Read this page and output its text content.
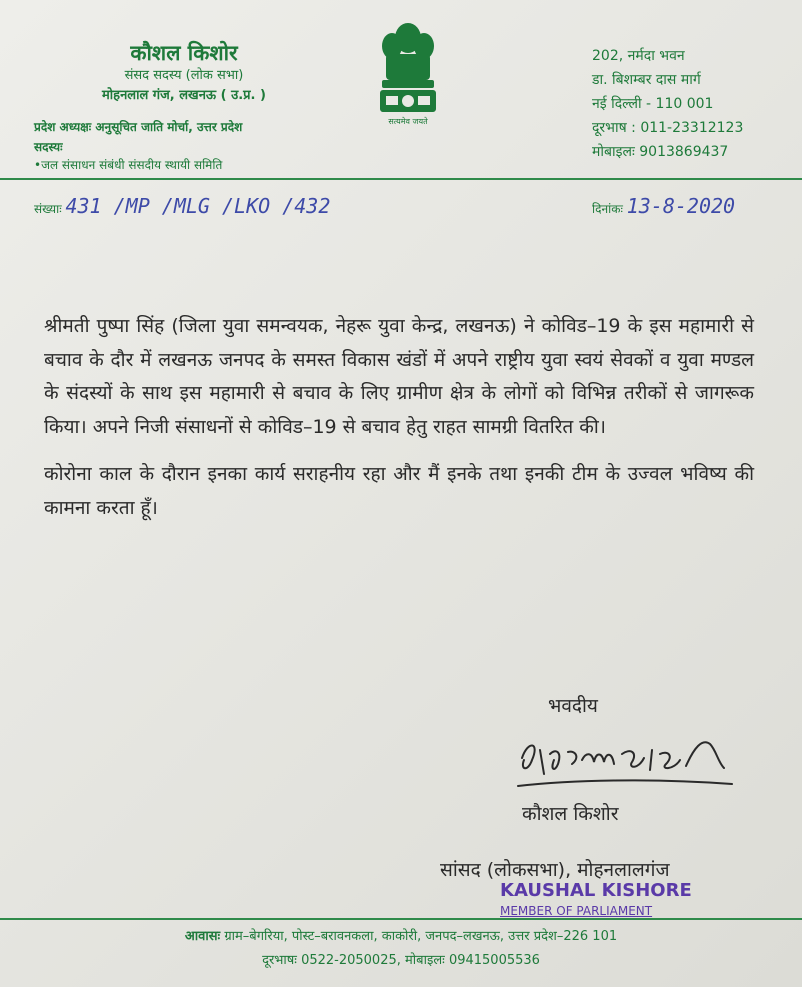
कौशल किशोर
संसद सदस्य (लोक सभा)
मोहनलाल गंज, लखनऊ ( उ.प्र. )
प्रदेश अध्यक्षः अनुसूचित जाति मोर्चा, उत्तर प्रदेश
सदस्यः
•जल संसाधन संबंधी संसदीय स्थायी समिति
सत्यमेव जयते
202, नर्मदा भवन
डा. बिशम्बर दास मार्ग
नई दिल्ली - 110 001
दूरभाष : 011-23312123
मोबाइलः 9013869437
संख्याः 431 /MP /MLG /LKO /432	दिनांकः 13-8-2020

श्रीमती पुष्पा सिंह (जिला युवा समन्वयक, नेहरू युवा केन्द्र, लखनऊ) ने कोविड–19 के इस महामारी से बचाव के दौर में लखनऊ जनपद के समस्त विकास खंडों में अपने राष्ट्रीय युवा स्वयं सेवकों व युवा मण्डल के संदस्यों के साथ इस महामारी से बचाव के लिए ग्रामीण क्षेत्र के लोगों को विभिन्न तरीकों से जागरूक किया। अपने निजी संसाधनों से कोविड–19 से बचाव हेतु राहत सामग्री वितरित की।

कोरोना काल के दौरान इनका कार्य सराहनीय रहा और मैं इनके तथा इनकी टीम के उज्वल भविष्य की कामना करता हूँ।

भवदीय
कौशल किशोर
सांसद (लोकसभा), मोहनलालगंज
KAUSHAL KISHORE
MEMBER OF PARLIAMENT
आवासः ग्राम–बेगरिया, पोस्ट–बरावनकला, काकोरी, जनपद–लखनऊ, उत्तर प्रदेश–226 101
दूरभाषः 0522-2050025, मोबाइलः 09415005536
